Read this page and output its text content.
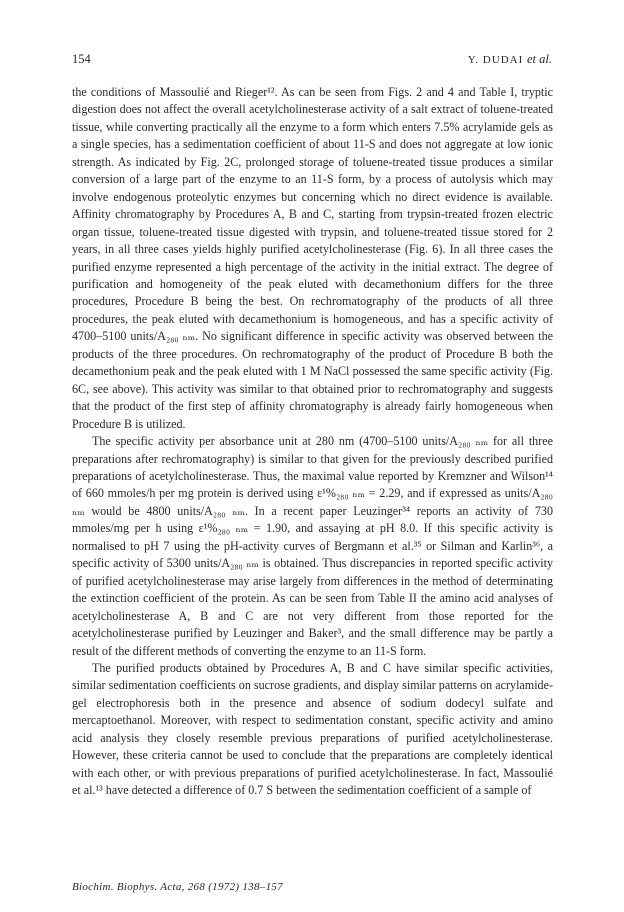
154	Y. DUDAI et al.

the conditions of Massoulié and Rieger¹². As can be seen from Figs. 2 and 4 and Table I, tryptic digestion does not affect the overall acetylcholinesterase activity of a salt extract of toluene-treated tissue, while converting practically all the enzyme to a form which enters 7.5% acrylamide gels as a single species, has a sedimentation coefficient of about 11-S and does not aggregate at low ionic strength. As indicated by Fig. 2C, prolonged storage of toluene-treated tissue produces a similar conversion of a large part of the enzyme to an 11-S form, by a process of autolysis which may involve endogenous proteolytic enzymes but concerning which no direct evidence is available. Affinity chromatography by Procedures A, B and C, starting from trypsin-treated frozen electric organ tissue, toluene-treated tissue digested with trypsin, and toluene-treated tissue stored for 2 years, in all three cases yields highly purified acetylcholinesterase (Fig. 6). In all three cases the purified enzyme represented a high percentage of the activity in the initial extract. The degree of purification and homogeneity of the peak eluted with decamethonium differs for the three procedures, Procedure B being the best. On rechromatography of the products of all three procedures, the peak eluted with decamethonium is homogeneous, and has a specific activity of 4700–5100 units/A₂₈₀ ₙₘ. No significant difference in specific activity was observed between the products of the three procedures. On rechromatography of the product of Procedure B both the decamethonium peak and the peak eluted with 1 M NaCl possessed the same specific activity (Fig. 6C, see above). This activity was similar to that obtained prior to rechromatography and suggests that the product of the first step of affinity chromatography is already fairly homogeneous when Procedure B is utilized.

The specific activity per absorbance unit at 280 nm (4700–5100 units/A₂₈₀ ₙₘ for all three preparations after rechromatography) is similar to that given for the previously described purified preparations of acetylcholinesterase. Thus, the maximal value reported by Kremzner and Wilson¹⁴ of 660 mmoles/h per mg protein is derived using ε¹%₂₈₀ ₙₘ = 2.29, and if expressed as units/A₂₈₀ ₙₘ would be 4800 units/A₂₈₀ ₙₘ. In a recent paper Leuzinger³⁴ reports an activity of 730 mmoles/mg per h using ε¹%₂₈₀ ₙₘ = 1.90, and assaying at pH 8.0. If this specific activity is normalised to pH 7 using the pH-activity curves of Bergmann et al.³⁵ or Silman and Karlin³⁶, a specific activity of 5300 units/A₂₈₀ ₙₘ is obtained. Thus discrepancies in reported specific activity of purified acetylcholinesterase may arise largely from differences in the method of determinating the extinction coefficient of the protein. As can be seen from Table II the amino acid analyses of acetylcholinesterase A, B and C are not very different from those reported for the acetylcholinesterase purified by Leuzinger and Baker³, and the small difference may be partly a result of the different methods of converting the enzyme to an 11-S form.

The purified products obtained by Procedures A, B and C have similar specific activities, similar sedimentation coefficients on sucrose gradients, and display similar patterns on acrylamide-gel electrophoresis both in the presence and absence of sodium dodecyl sulfate and mercaptoethanol. Moreover, with respect to sedimentation constant, specific activity and amino acid analysis they closely resemble previous preparations of purified acetylcholinesterase. However, these criteria cannot be used to conclude that the preparations are completely identical with each other, or with previous preparations of purified acetylcholinesterase. In fact, Massoulié et al.¹³ have detected a difference of 0.7 S between the sedimentation coefficient of a sample of

Biochim. Biophys. Acta, 268 (1972) 138–157
